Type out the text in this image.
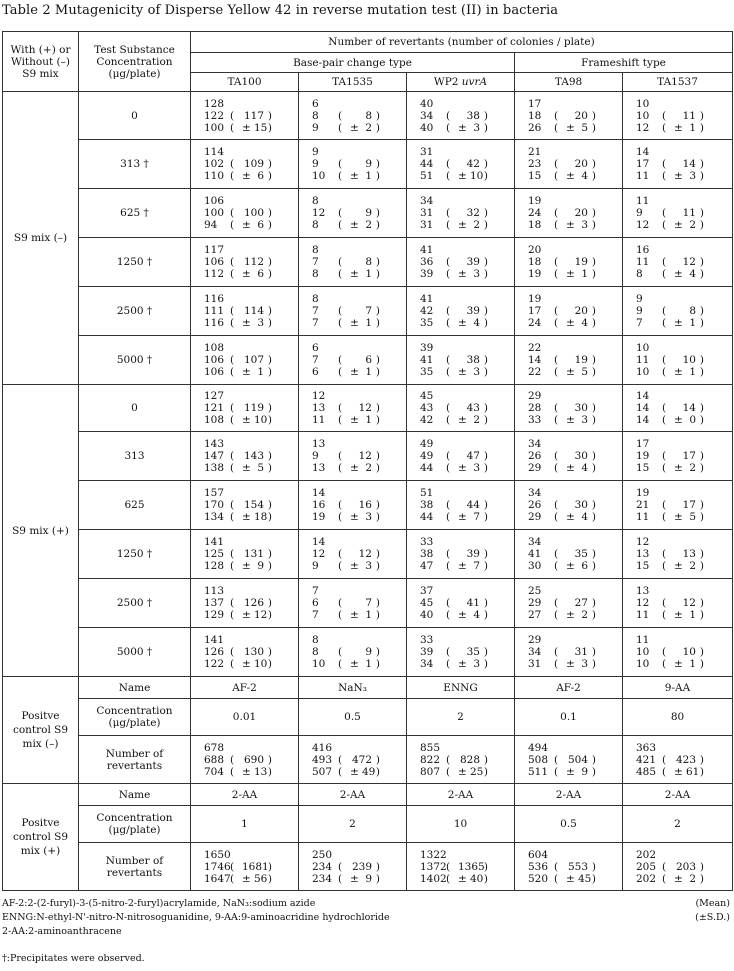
Table 2 Mutagenicity of Disperse Yellow 42 in reverse mutation test (II) in bacteria
With (+) or Without (–) S9 mix	Test Substance Concentration (μg/plate)	Number of revertants (number of colonies / plate)				
		Base-pair change type			Frameshift type	
		TA100	TA1535	WP2 uvrA	TA98	TA1537
S9 mix (–)	0	128
122 ( 117 )
100 ( ± 15)	6
8 ( 8 )
9 ( ± 2 )	40
34 ( 38 )
40 ( ± 3 )	17
18 ( 20 )
26 ( ± 5 )	10
10 ( 11 )
12 ( ± 1 )

	313 †	114
102 ( 109 )
110 ( ± 6 )	9
9 ( 9 )
10 ( ± 1 )	31
44 ( 42 )
51 ( ± 10)	21
23 ( 20 )
15 ( ± 4 )	14
17 ( 14 )
11 ( ± 3 )

	625 †	106
100 ( 100 )
94 ( ± 6 )	8
12 ( 9 )
8 ( ± 2 )	34
31 ( 32 )
31 ( ± 2 )	19
24 ( 20 )
18 ( ± 3 )	11
9 ( 11 )
12 ( ± 2 )

	1250 †	117
106 ( 112 )
112 ( ± 6 )	8
7 ( 8 )
8 ( ± 1 )	41
36 ( 39 )
39 ( ± 3 )	20
18 ( 19 )
19 ( ± 1 )	16
11 ( 12 )
8 ( ± 4 )

	2500 †	116
111 ( 114 )
116 ( ± 3 )	8
7 ( 7 )
7 ( ± 1 )	41
42 ( 39 )
35 ( ± 4 )	19
17 ( 20 )
24 ( ± 4 )	9
9 ( 8 )
7 ( ± 1 )

	5000 †	108
106 ( 107 )
106 ( ± 1 )	6
7 ( 6 )
6 ( ± 1 )	39
41 ( 38 )
35 ( ± 3 )	22
14 ( 19 )
22 ( ± 5 )	10
11 ( 10 )
10 ( ± 1 )

S9 mix (+)	0	127
121 ( 119 )
108 ( ± 10)	12
13 ( 12 )
11 ( ± 1 )	45
43 ( 43 )
42 ( ± 2 )	29
28 ( 30 )
33 ( ± 3 )	14
14 ( 14 )
14 ( ± 0 )

	313	143
147 ( 143 )
138 ( ± 5 )	13
9 ( 12 )
13 ( ± 2 )	49
49 ( 47 )
44 ( ± 3 )	34
26 ( 30 )
29 ( ± 4 )	17
19 ( 17 )
15 ( ± 2 )

	625	157
170 ( 154 )
134 ( ± 18)	14
16 ( 16 )
19 ( ± 3 )	51
38 ( 44 )
44 ( ± 7 )	34
26 ( 30 )
29 ( ± 4 )	19
21 ( 17 )
11 ( ± 5 )

	1250 †	141
125 ( 131 )
128 ( ± 9 )	14
12 ( 12 )
9 ( ± 3 )	33
38 ( 39 )
47 ( ± 7 )	34
41 ( 35 )
30 ( ± 6 )	12
13 ( 13 )
15 ( ± 2 )

	2500 †	113
137 ( 126 )
129 ( ± 12)	7
6 ( 7 )
7 ( ± 1 )	37
45 ( 41 )
40 ( ± 4 )	25
29 ( 27 )
27 ( ± 2 )	13
12 ( 12 )
11 ( ± 1 )

	5000 †	141
126 ( 130 )
122 ( ± 10)	8
8 ( 9 )
10 ( ± 1 )	33
39 ( 35 )
34 ( ± 3 )	29
34 ( 31 )
31 ( ± 3 )	11
10 ( 10 )
10 ( ± 1 )

Positve control S9 mix (–)	Name	AF-2	NaN₃	ENNG	AF-2	9-AA
	Concentration (μg/plate)	0.01	0.5	2	0.1	80
	Number of revertants	678
688 ( 690 )
704 ( ± 13)	416
493 ( 472 )
507 ( ± 49)	855
822 ( 828 )
807 ( ± 25)	494
508 ( 504 )
511 ( ± 9 )	363
421 ( 423 )
485 ( ± 61)

Positve control S9 mix (+)	Name	2-AA	2-AA	2-AA	2-AA	2-AA
	Concentration (μg/plate)	1	2	10	0.5	2
	Number of revertants	1650
1746( 1681)
1647( ± 56)	250
234 ( 239 )
234 ( ± 9 )	1322
1372( 1365)
1402( ± 40)	604
536 ( 553 )
520 ( ± 45)	202
205 ( 203 )
202 ( ± 2 )
AF-2:2-(2-furyl)-3-(5-nitro-2-furyl)acrylamide, NaN₃:sodium azide
ENNG:N-ethyl-N'-nitro-N-nitrosoguanidine, 9-AA:9-aminoacridine hydrochloride
2-AA:2-aminoanthracene
†:Precipitates were observed.
(Mean)
(±S.D.)
